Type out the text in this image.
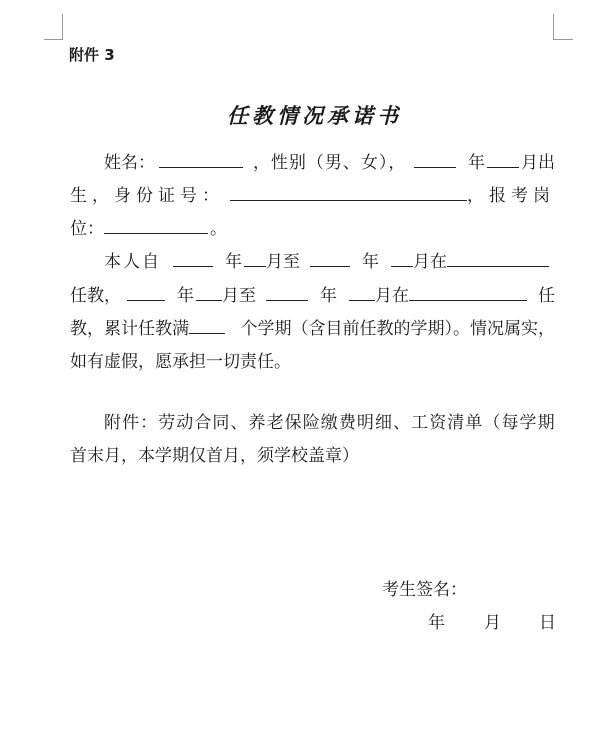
附件 3
任教情况承诺书
姓名：	，性别（男、女），	年 月出
生，身份证号：	，报考岗
位：	。
本人自	年 月至	年 月在
任教，	年 月至	年 月在	任
教，累计任教满	个学期（含目前任教的学期）。情况属实，
如有虚假，愿承担一切责任。
附件：劳动合同、养老保险缴费明细、工资清单（每学期
首末月，本学期仅首月，须学校盖章）
考生签名：
年 月 日
